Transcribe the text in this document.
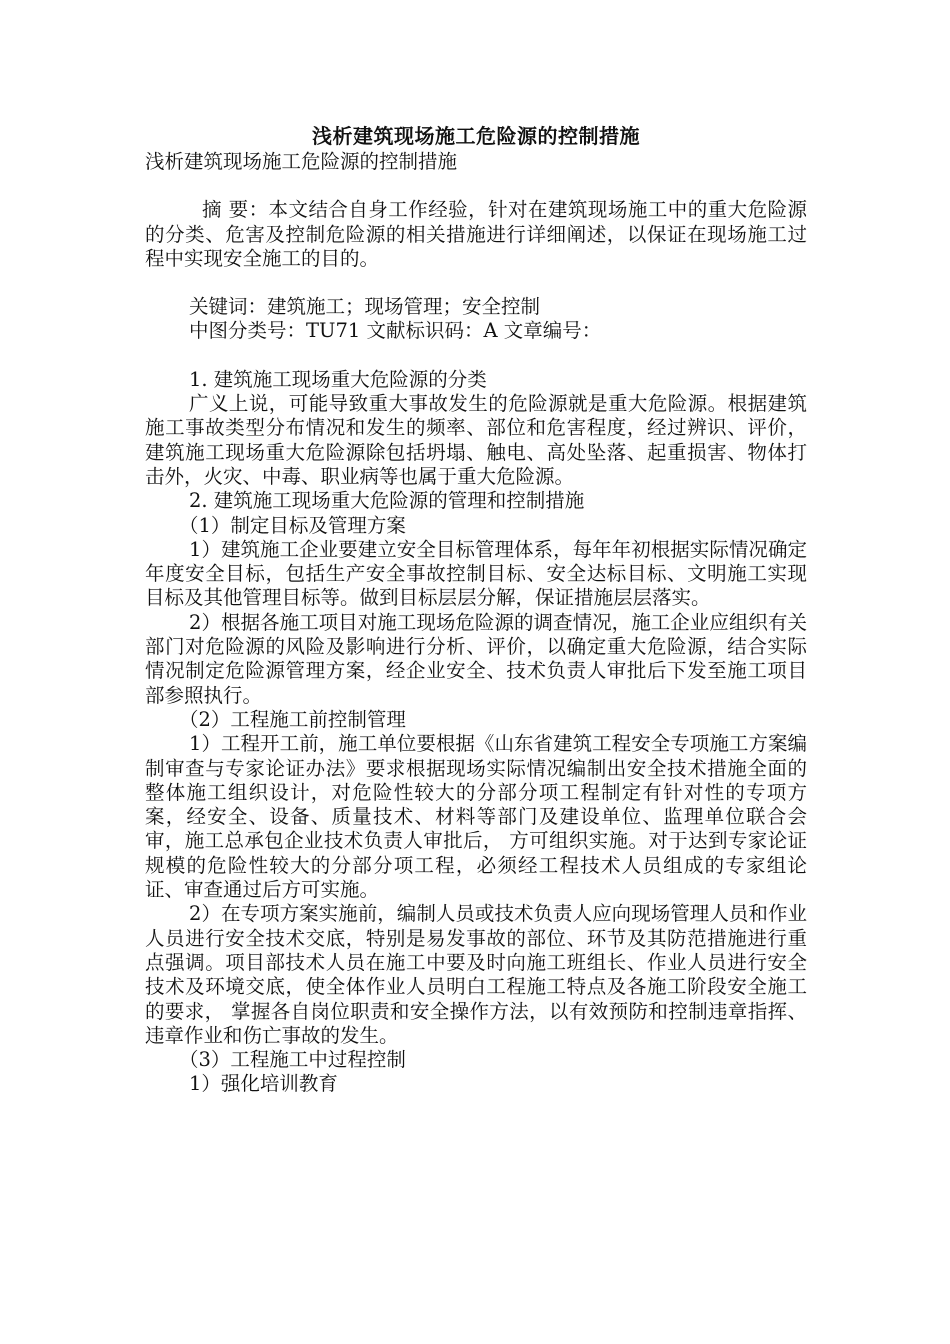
浅析建筑现场施工危险源的控制措施

浅析建筑现场施工危险源的控制措施

摘 要：本文结合自身工作经验，针对在建筑现场施工中的重大危险源的分类、危害及控制危险源的相关措施进行详细阐述，以保证在现场施工过程中实现安全施工的目的。

关键词：建筑施工；现场管理；安全控制

中图分类号：TU71 文献标识码：A 文章编号：

1. 建筑施工现场重大危险源的分类

广义上说，可能导致重大事故发生的危险源就是重大危险源。根据建筑施工事故类型分布情况和发生的频率、部位和危害程度，经过辨识、评价，建筑施工现场重大危险源除包括坍塌、触电、高处坠落、起重损害、物体打击外，火灾、中毒、职业病等也属于重大危险源。

2. 建筑施工现场重大危险源的管理和控制措施

（1）制定目标及管理方案

1）建筑施工企业要建立安全目标管理体系，每年年初根据实际情况确定年度安全目标，包括生产安全事故控制目标、安全达标目标、文明施工实现目标及其他管理目标等。做到目标层层分解，保证措施层层落实。

2）根据各施工项目对施工现场危险源的调查情况，施工企业应组织有关部门对危险源的风险及影响进行分析、评价，以确定重大危险源，结合实际情况制定危险源管理方案，经企业安全、技术负责人审批后下发至施工项目部参照执行。

（2）工程施工前控制管理

1）工程开工前，施工单位要根据《山东省建筑工程安全专项施工方案编制审查与专家论证办法》要求根据现场实际情况编制出安全技术措施全面的整体施工组织设计，对危险性较大的分部分项工程制定有针对性的专项方案，经安全、设备、质量技术、材料等部门及建设单位、监理单位联合会审，施工总承包企业技术负责人审批后， 方可组织实施。对于达到专家论证规模的危险性较大的分部分项工程，必须经工程技术人员组成的专家组论证、审查通过后方可实施。

2）在专项方案实施前，编制人员或技术负责人应向现场管理人员和作业人员进行安全技术交底，特别是易发事故的部位、环节及其防范措施进行重点强调。项目部技术人员在施工中要及时向施工班组长、作业人员进行安全技术及环境交底，使全体作业人员明白工程施工特点及各施工阶段安全施工的要求， 掌握各自岗位职责和安全操作方法，以有效预防和控制违章指挥、违章作业和伤亡事故的发生。

（3）工程施工中过程控制

1）强化培训教育
